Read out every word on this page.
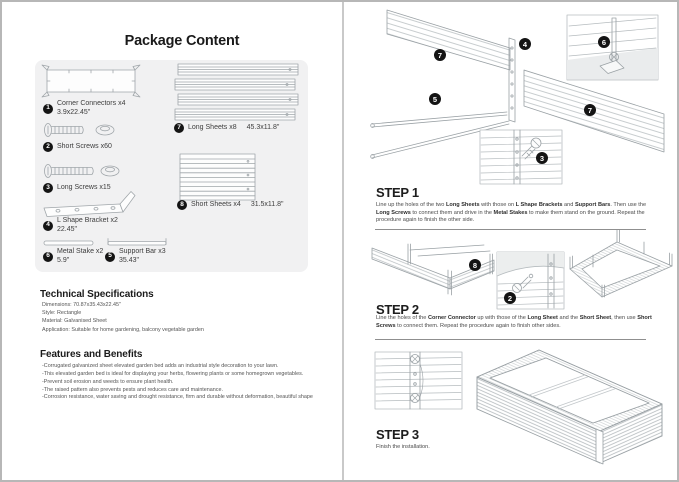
Package Content
1
Corner Connectors x4
3.9x22.45"
2	Short Screws x60
3	Long Screws x15
4
L Shape Bracket x2
22.45"
6
Metal Stake x2
5.9"
5
Support Bar x3
35.43"
7	Long Sheets x8 45.3x11.8"
8	Short Sheets x4 31.5x11.8"
Technical Specifications

Dimensions: 70.87x35.43x22.45"

Style: Rectangle

Material: Galvanised Sheet

Application: Suitable for home gardening, balcony vegetable garden

Features and Benefits

-Corrugated galvanized sheet elevated garden bed adds an industrial style decoration to your lawn.

-This elevated garden bed is ideal for displaying your herbs, flowering plants or some homegrown vegetables.

-Prevent soil erosion and weeds to ensure plant health.

-The raised pattern also prevents pests and reduces care and maintenance.

-Corrosion resistance, water saving and drought resistance, firm and durable without deformation, beautiful shape

7
4
5
6
3
7
8
2
STEP 1

Line up the holes of the two Long Sheets with those on L Shape Brackets and Support Bars. Then use the Long Screws to connect them and drive in the Metal Stakes to make them stand on the ground. Repeat the procedure again to finish the other side.

STEP 2

Line the holes of the Corner Connector up with those of the Long Sheet and the Short Sheet, then use Short Screws to connect them. Repeat the procedure again to finish other sides.

STEP 3

Finish the installation.
